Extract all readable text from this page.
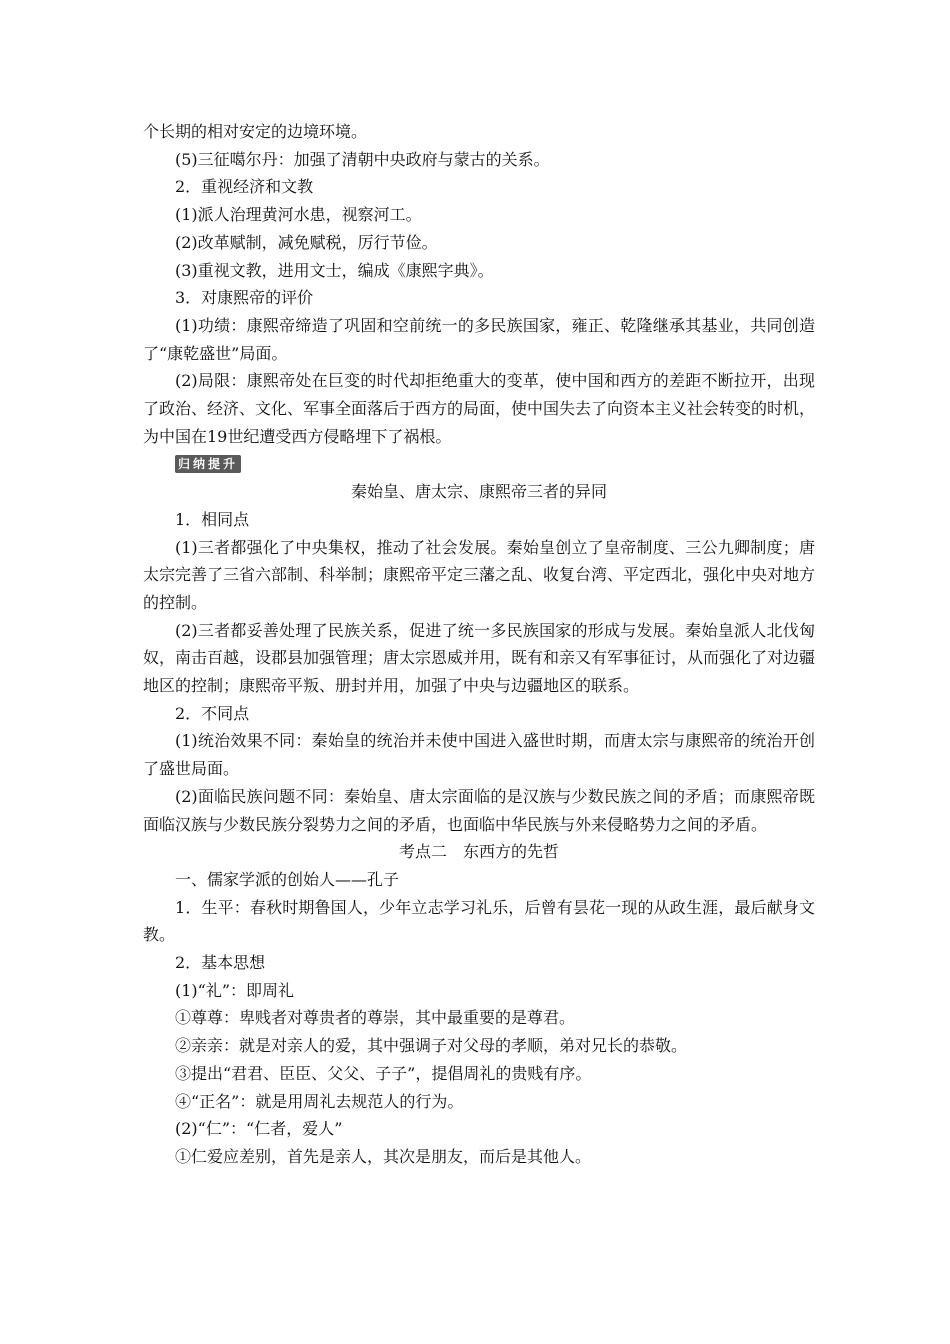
个长期的相对安定的边境环境。

(5)三征噶尔丹：加强了清朝中央政府与蒙古的关系。

2．重视经济和文教

(1)派人治理黄河水患，视察河工。

(2)改革赋制，减免赋税，厉行节俭。

(3)重视文教，进用文士，编成《康熙字典》。

3．对康熙帝的评价

(1)功绩：康熙帝缔造了巩固和空前统一的多民族国家，雍正、乾隆继承其基业，共同创造了“康乾盛世”局面。

(2)局限：康熙帝处在巨变的时代却拒绝重大的变革，使中国和西方的差距不断拉开，出现了政治、经济、文化、军事全面落后于西方的局面，使中国失去了向资本主义社会转变的时机，为中国在19世纪遭受西方侵略埋下了祸根。

归纳提升

秦始皇、唐太宗、康熙帝三者的异同

1．相同点

(1)三者都强化了中央集权，推动了社会发展。秦始皇创立了皇帝制度、三公九卿制度；唐太宗完善了三省六部制、科举制；康熙帝平定三藩之乱、收复台湾、平定西北，强化中央对地方的控制。

(2)三者都妥善处理了民族关系，促进了统一多民族国家的形成与发展。秦始皇派人北伐匈奴，南击百越，设郡县加强管理；唐太宗恩威并用，既有和亲又有军事征讨，从而强化了对边疆地区的控制；康熙帝平叛、册封并用，加强了中央与边疆地区的联系。

2．不同点

(1)统治效果不同：秦始皇的统治并未使中国进入盛世时期，而唐太宗与康熙帝的统治开创了盛世局面。

(2)面临民族问题不同：秦始皇、唐太宗面临的是汉族与少数民族之间的矛盾；而康熙帝既面临汉族与少数民族分裂势力之间的矛盾，也面临中华民族与外来侵略势力之间的矛盾。

考点二　东西方的先哲

一、儒家学派的创始人——孔子

1．生平：春秋时期鲁国人，少年立志学习礼乐，后曾有昙花一现的从政生涯，最后献身文教。

2．基本思想

(1)“礼”：即周礼

①尊尊：卑贱者对尊贵者的尊崇，其中最重要的是尊君。

②亲亲：就是对亲人的爱，其中强调子对父母的孝顺，弟对兄长的恭敬。

③提出“君君、臣臣、父父、子子”，提倡周礼的贵贱有序。

④“正名”：就是用周礼去规范人的行为。

(2)“仁”：“仁者，爱人”

①仁爱应差别，首先是亲人，其次是朋友，而后是其他人。
